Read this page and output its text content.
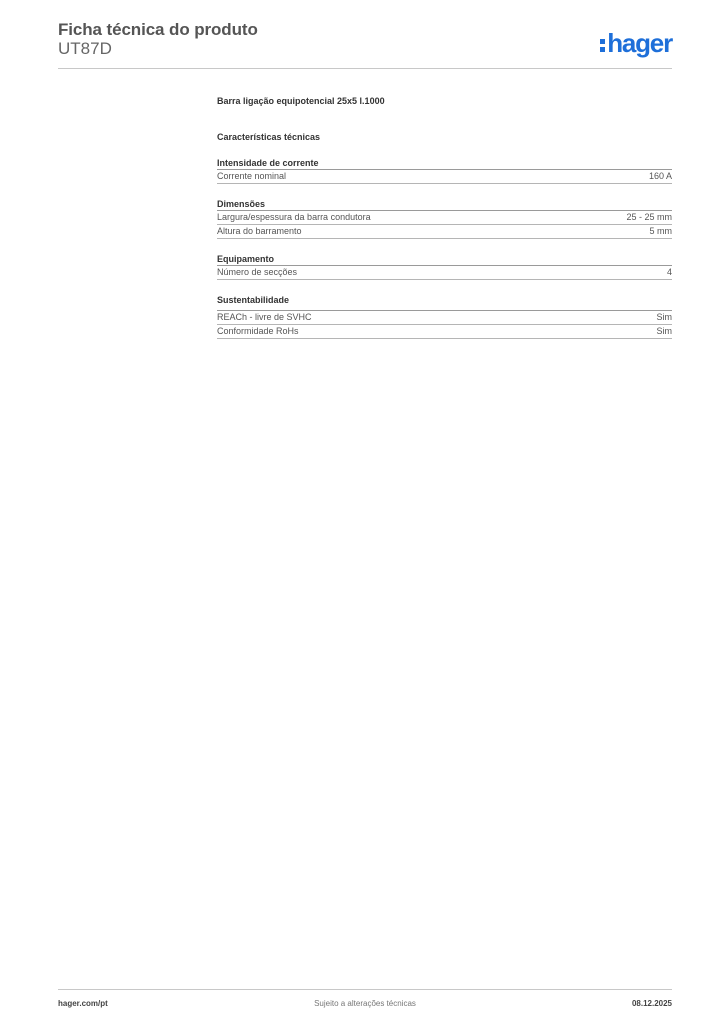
Ficha técnica do produto
UT87D	hager
Barra ligação equipotencial 25x5 l.1000
Características técnicas
Intensidade de corrente
Corrente nominal	160 A
Dimensões
Largura/espessura da barra condutora	25 - 25 mm
Altura do barramento	5 mm
Equipamento
Número de secções	4
Sustentabilidade
REACh - livre de SVHC	Sim
Conformidade RoHs	Sim
hager.com/pt	Sujeito a alterações técnicas	08.12.2025
